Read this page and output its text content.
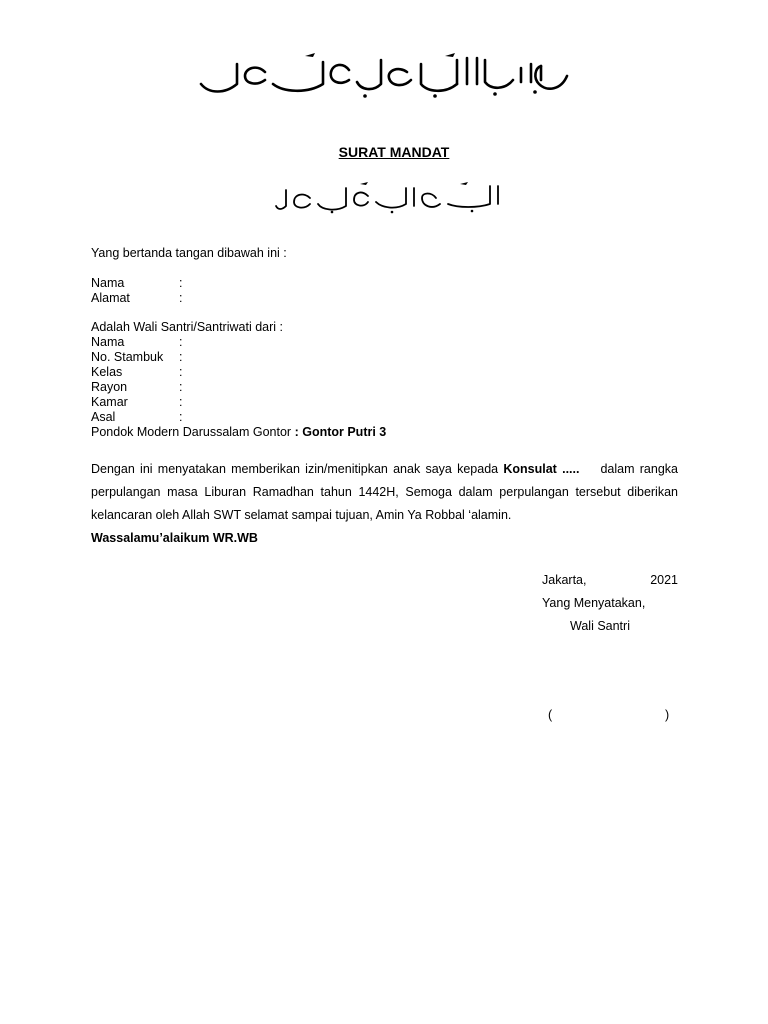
SURAT MANDAT
Yang bertanda tangan dibawah ini :
Nama	:
Alamat	:
Adalah Wali Santri/Santriwati dari :
Nama	:
No. Stambuk	:
Kelas	:
Rayon	:
Kamar	:
Asal	:
Pondok Modern Darussalam Gontor : Gontor Putri 3

Dengan ini menyatakan memberikan izin/menitipkan anak saya kepada Konsulat .....    dalam rangka perpulangan masa Liburan Ramadhan tahun 1442H, Semoga dalam perpulangan tersebut diberikan kelancaran oleh Allah SWT selamat sampai tujuan, Amin Ya Robbal ‘alamin.

Wassalamu’alaikum WR.WB

Jakarta,	2021
Yang Menyatakan,
Wali Santri
(	)
